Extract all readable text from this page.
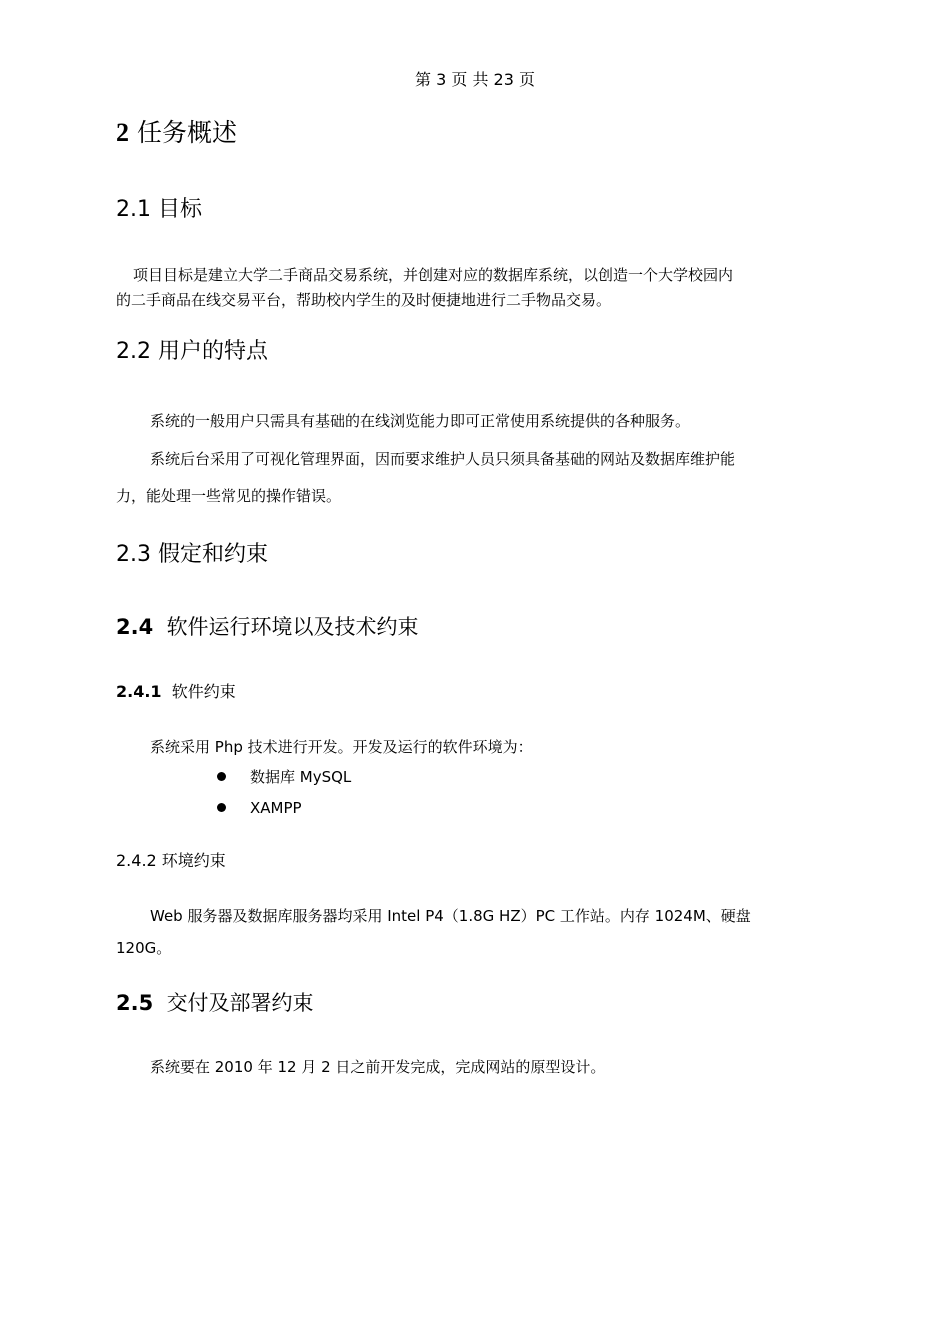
第 3 页 共 23 页
2 任务概述
2.1 目标
项目目标是建立大学二手商品交易系统，并创建对应的数据库系统，以创造一个大学校园内
的二手商品在线交易平台，帮助校内学生的及时便捷地进行二手物品交易。
2.2 用户的特点
系统的一般用户只需具有基础的在线浏览能力即可正常使用系统提供的各种服务。
系统后台采用了可视化管理界面，因而要求维护人员只须具备基础的网站及数据库维护能
力，能处理一些常见的操作错误。
2.3 假定和约束
2.4 软件运行环境以及技术约束
2.4.1 软件约束
系统采用 Php 技术进行开发。开发及运行的软件环境为：
数据库 MySQL
XAMPP
2.4.2 环境约束
Web 服务器及数据库服务器均采用 Intel P4（1.8G HZ）PC 工作站。内存 1024M、硬盘
120G。
2.5 交付及部署约束
系统要在 2010 年 12 月 2 日之前开发完成，完成网站的原型设计。
